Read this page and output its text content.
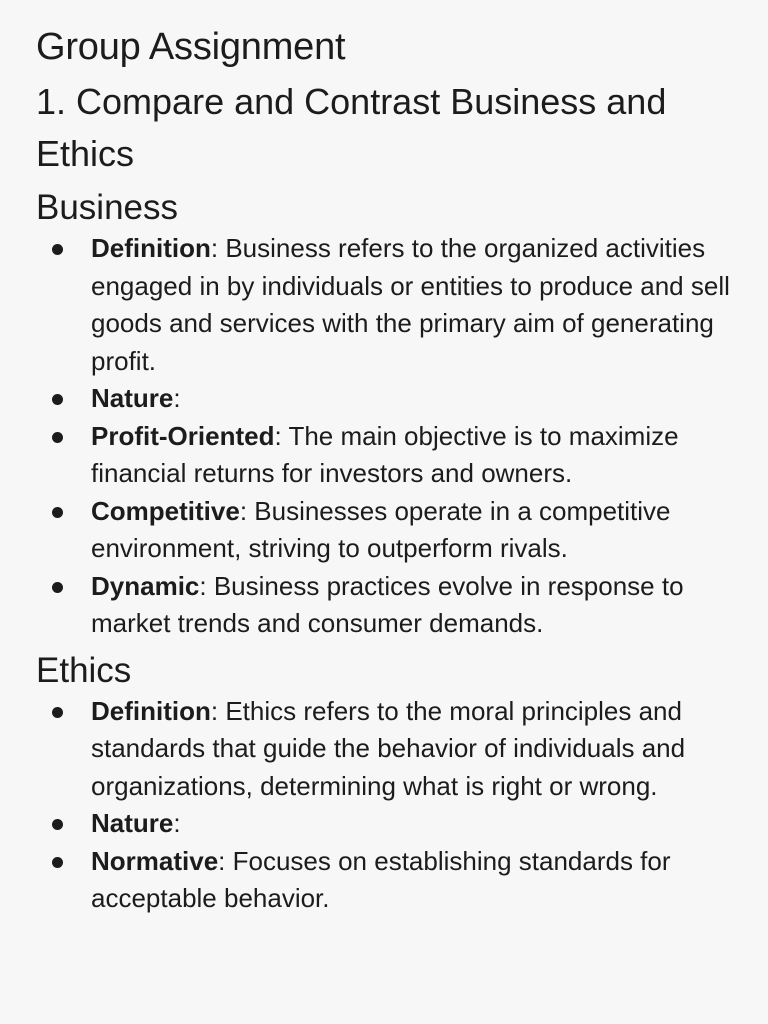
Group Assignment
1. Compare and Contrast Business and Ethics
Business
Definition: Business refers to the organized activities engaged in by individuals or entities to produce and sell goods and services with the primary aim of generating profit.
Nature:
Profit-Oriented: The main objective is to maximize financial returns for investors and owners.
Competitive: Businesses operate in a competitive environment, striving to outperform rivals.
Dynamic: Business practices evolve in response to market trends and consumer demands.
Ethics
Definition: Ethics refers to the moral principles and standards that guide the behavior of individuals and organizations, determining what is right or wrong.
Nature:
Normative: Focuses on establishing standards for acceptable behavior.
